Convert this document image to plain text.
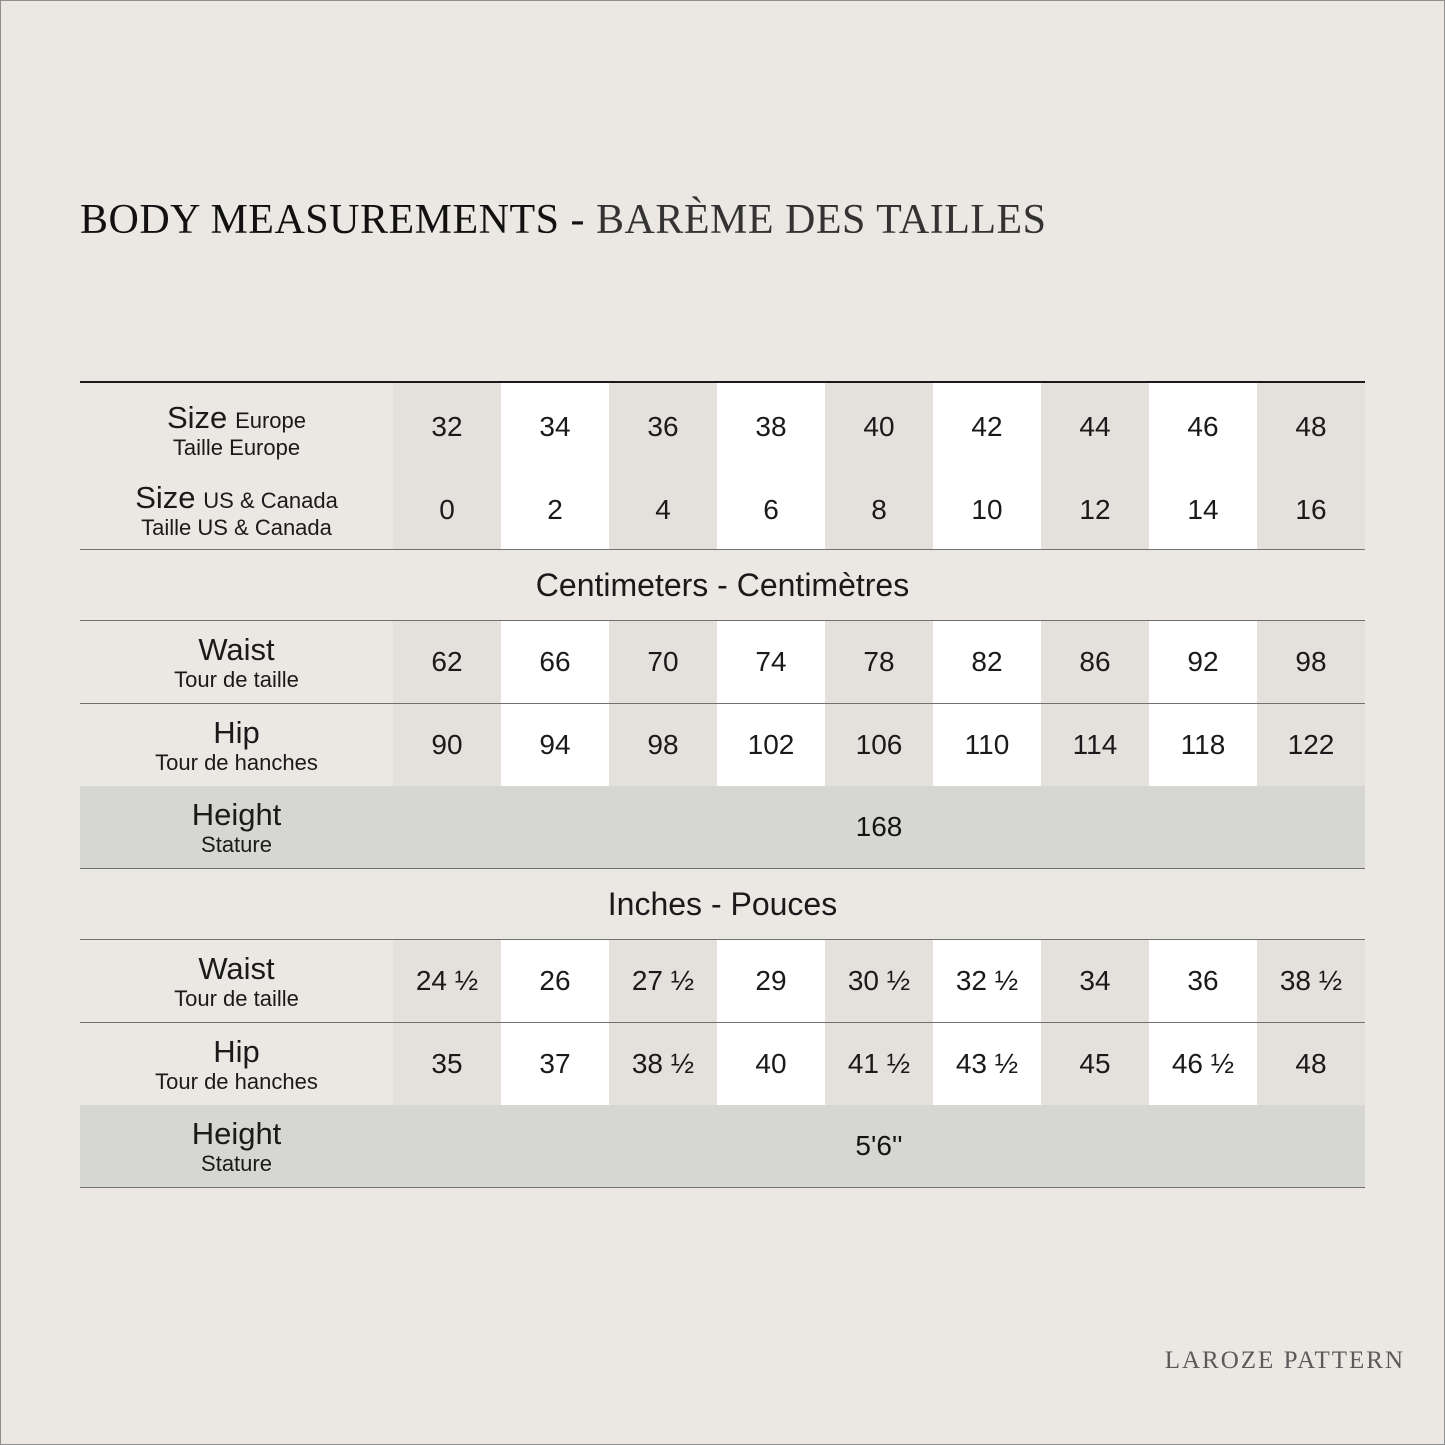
BODY MEASUREMENTS - BARÈME DES TAILLES
Size Europe
Taille Europe
32	34	36	38	40	42	44	46	48
Size US & Canada
Taille US & Canada
0	2	4	6	8	10	12	14	16
Centimeters - Centimètres
Waist
Tour de taille
62	66	70	74	78	82	86	92	98
Hip
Tour de hanches
90	94	98	102	106	110	114	118	122
Height
Stature
168
Inches - Pouces
Waist
Tour de taille
24 ½	26	27 ½	29	30 ½	32 ½	34	36	38 ½
Hip
Tour de hanches
35	37	38 ½	40	41 ½	43 ½	45	46 ½	48
Height
Stature
5'6''
LAROZE PATTERN
